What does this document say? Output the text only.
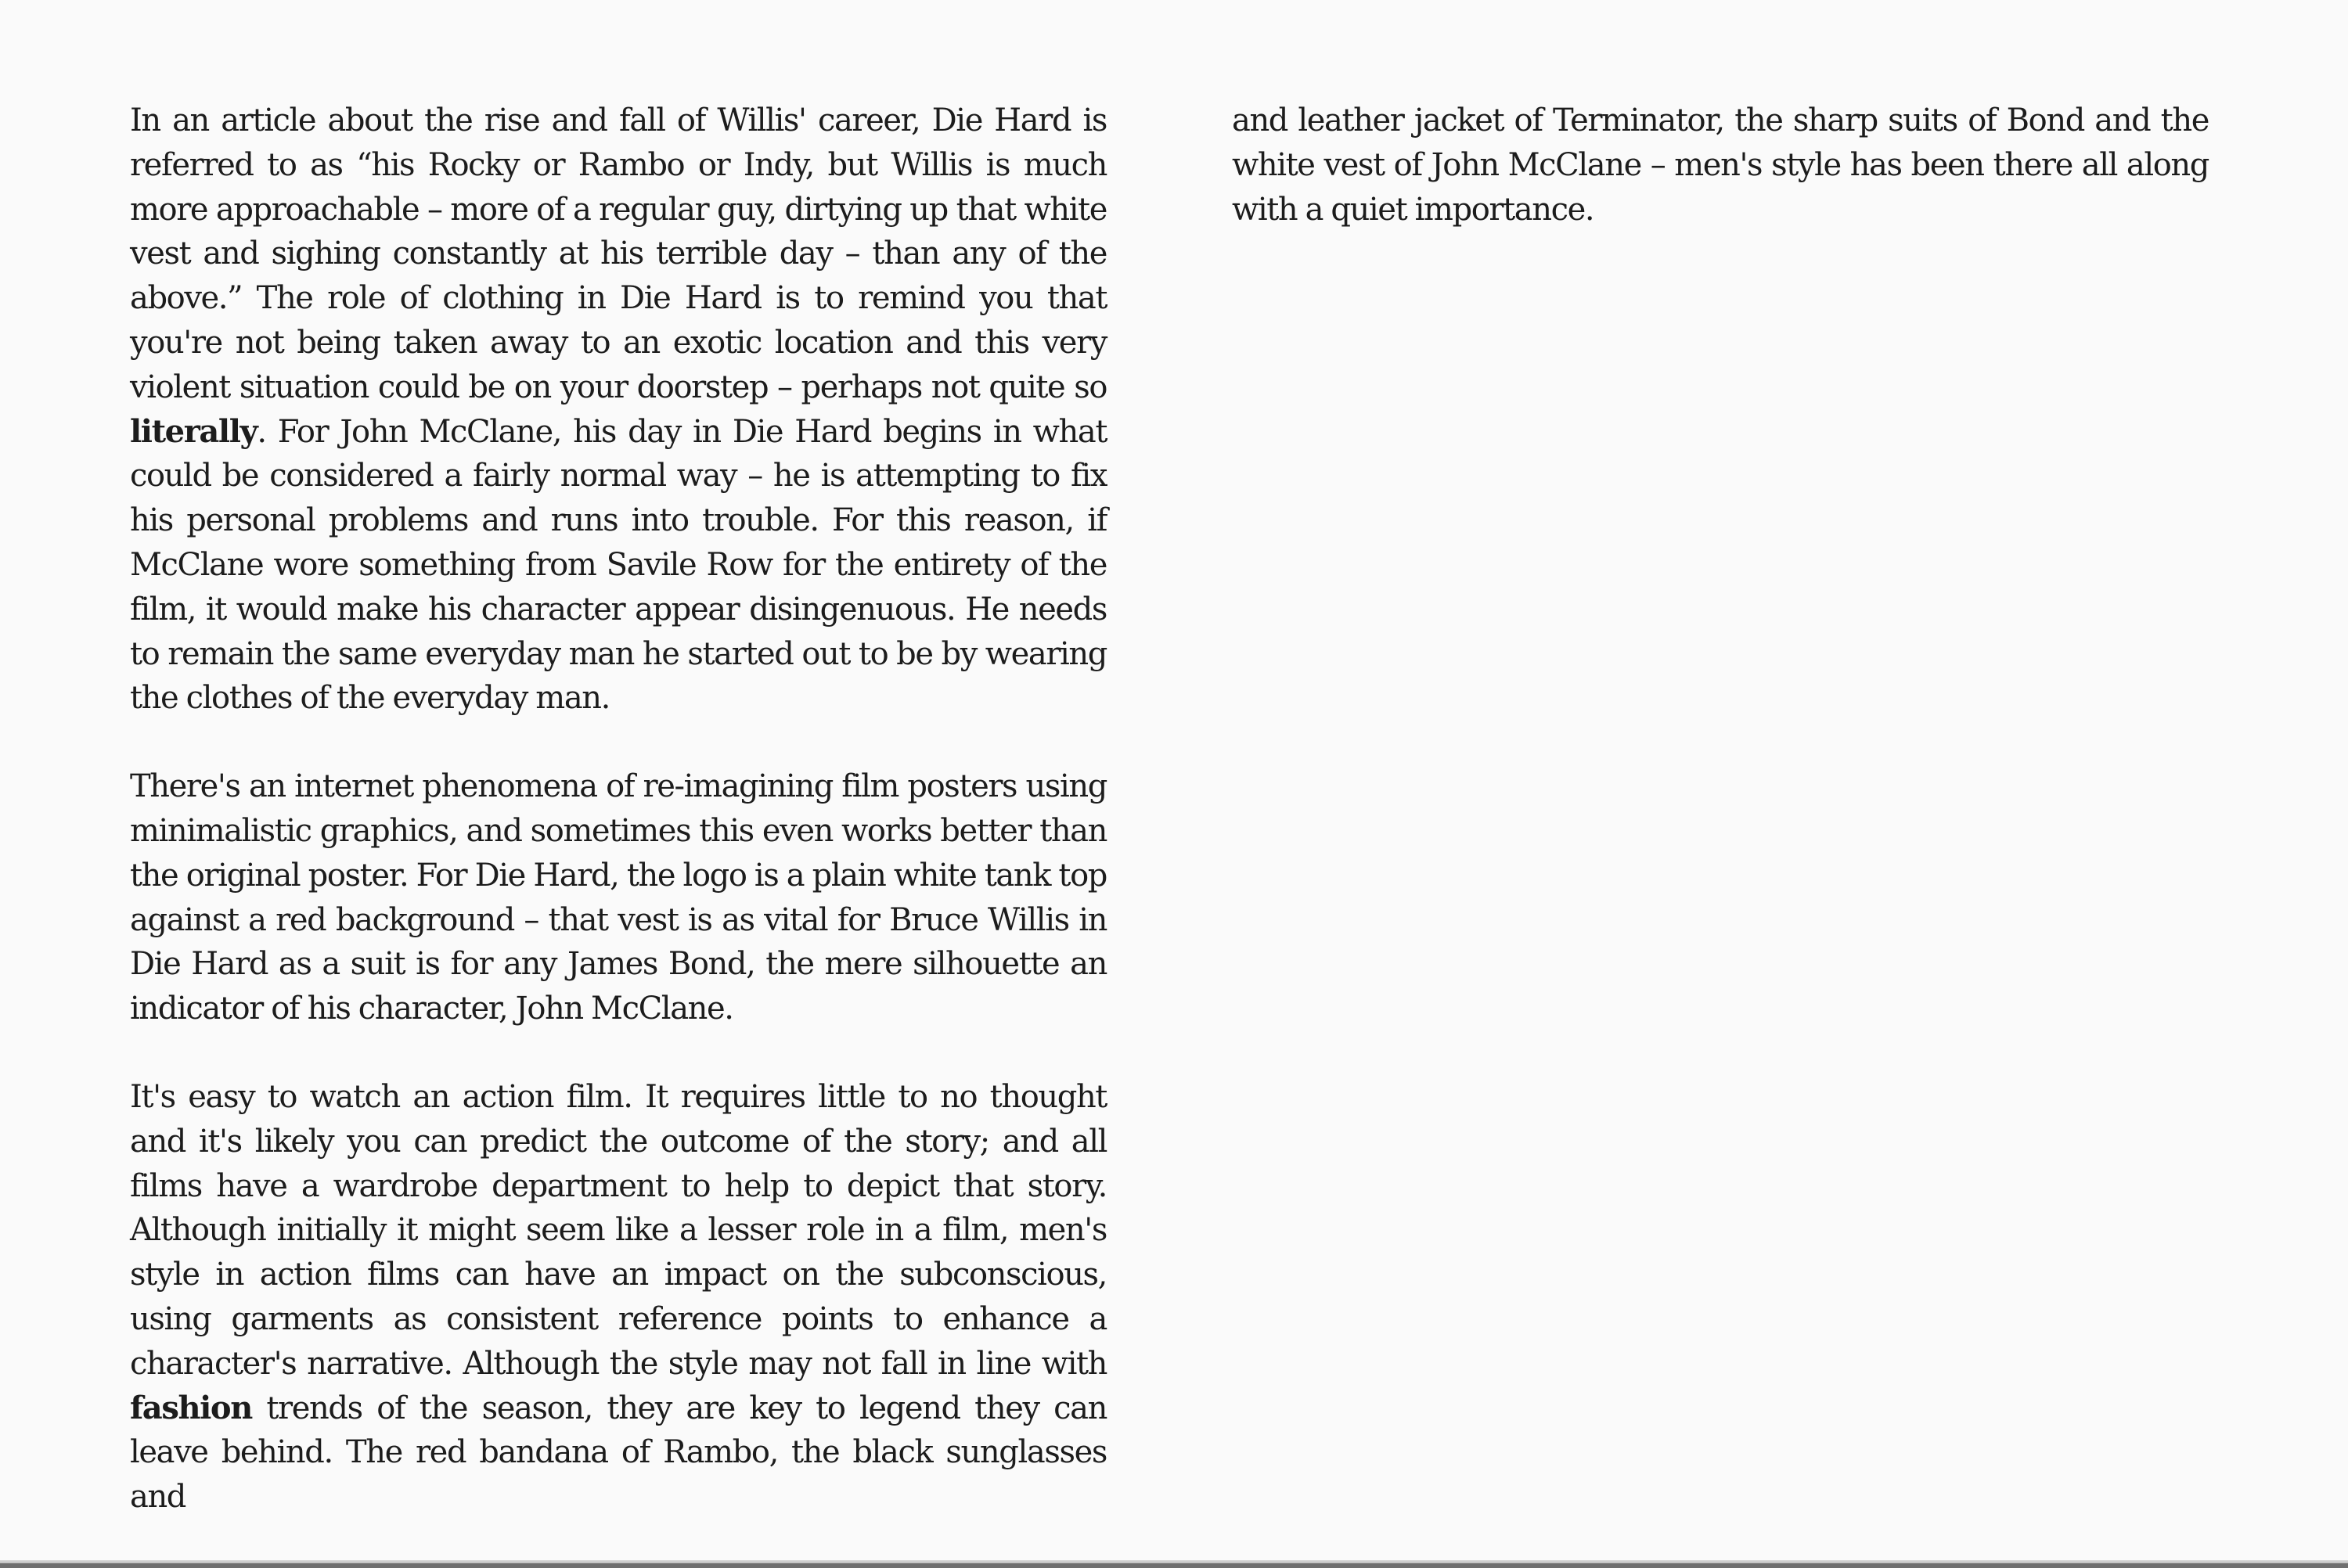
In an article about the rise and fall of Willis' career, Die Hard is referred to as “his Rocky or Rambo or Indy, but Willis is much more approachable – more of a regular guy, dirtying up that white vest and sighing constantly at his terrible day – than any of the above.” The role of clothing in Die Hard is to remind you that you're not being taken away to an exotic location and this very violent situation could be on your doorstep – perhaps not quite so literally. For John McClane, his day in Die Hard begins in what could be considered a fairly normal way – he is attempting to fix his personal problems and runs into trouble. For this reason, if McClane wore something from Savile Row for the entirety of the film, it would make his character appear disingenuous. He needs to remain the same everyday man he started out to be by wearing the clothes of the everyday man.

There's an internet phenomena of re-imagining film posters using minimalistic graphics, and sometimes this even works better than the original poster. For Die Hard, the logo is a plain white tank top against a red background – that vest is as vital for Bruce Willis in Die Hard as a suit is for any James Bond, the mere silhouette an indicator of his character, John McClane.

It's easy to watch an action film. It requires little to no thought and it's likely you can predict the outcome of the story; and all films have a wardrobe department to help to depict that story. Although initially it might seem like a lesser role in a film, men's style in action films can have an impact on the subconscious, using garments as consistent reference points to enhance a character's narrative. Although the style may not fall in line with fashion trends of the season, they are key to legend they can leave behind. The red bandana of Rambo, the black sunglasses and

and leather jacket of Terminator, the sharp suits of Bond and the white vest of John McClane – men's style has been there all along with a quiet importance.
